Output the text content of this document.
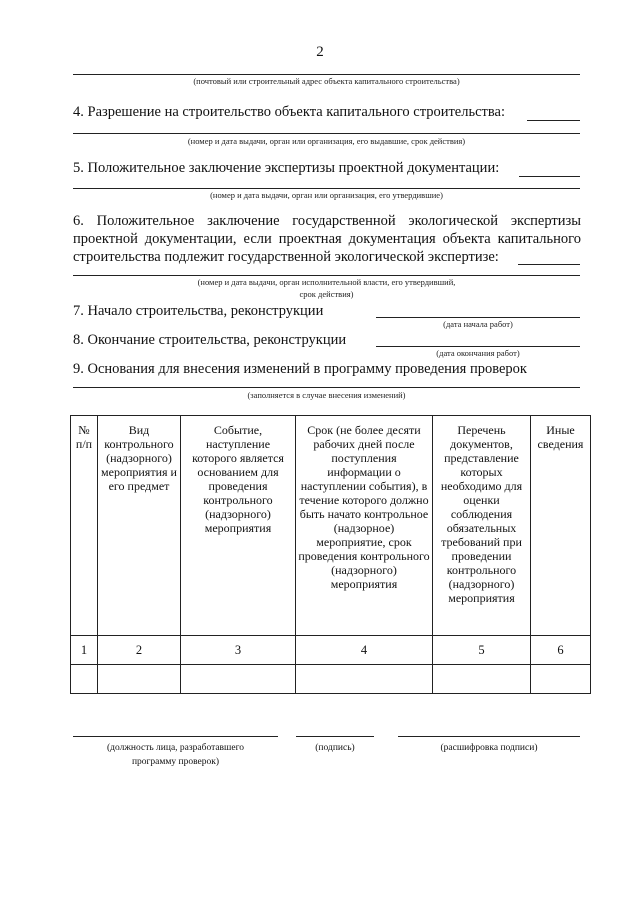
2
(почтовый или строительный адрес объекта капитального строительства)
4. Разрешение на строительство объекта капитального строительства:
(номер и дата выдачи, орган или организация, его выдавшие, срок действия)
5. Положительное заключение экспертизы проектной документации:
(номер и дата выдачи, орган или организация, его утвердившие)
6. Положительное заключение государственной экологической экспертизы
проектной документации, если проектная документация объекта капитального
строительства подлежит государственной экологической экспертизе:
(номер и дата выдачи, орган исполнительной власти, его утвердивший,
срок действия)
7. Начало строительства, реконструкции
(дата начала работ)
8. Окончание строительства, реконструкции
(дата окончания работ)
9. Основания для внесения изменений в программу проведения проверок
(заполняется в случае внесения изменений)
№ п/п	Вид контрольного (надзорного) мероприятия и его предмет	Событие, наступление которого является основанием для проведения контрольного (надзорного) мероприятия	Срок (не более десяти рабочих дней после поступления информации о наступлении события), в течение которого должно быть начато контрольное (надзорное) мероприятие, срок проведения контрольного (надзорного) мероприятия	Перечень документов, представление которых необходимо для оценки соблюдения обязательных требований при проведении контрольного (надзорного) мероприятия	Иные сведения
1	2	3	4	5	6

(должность лица, разработавшего
программу проверок)
(подпись)	(расшифровка подписи)
